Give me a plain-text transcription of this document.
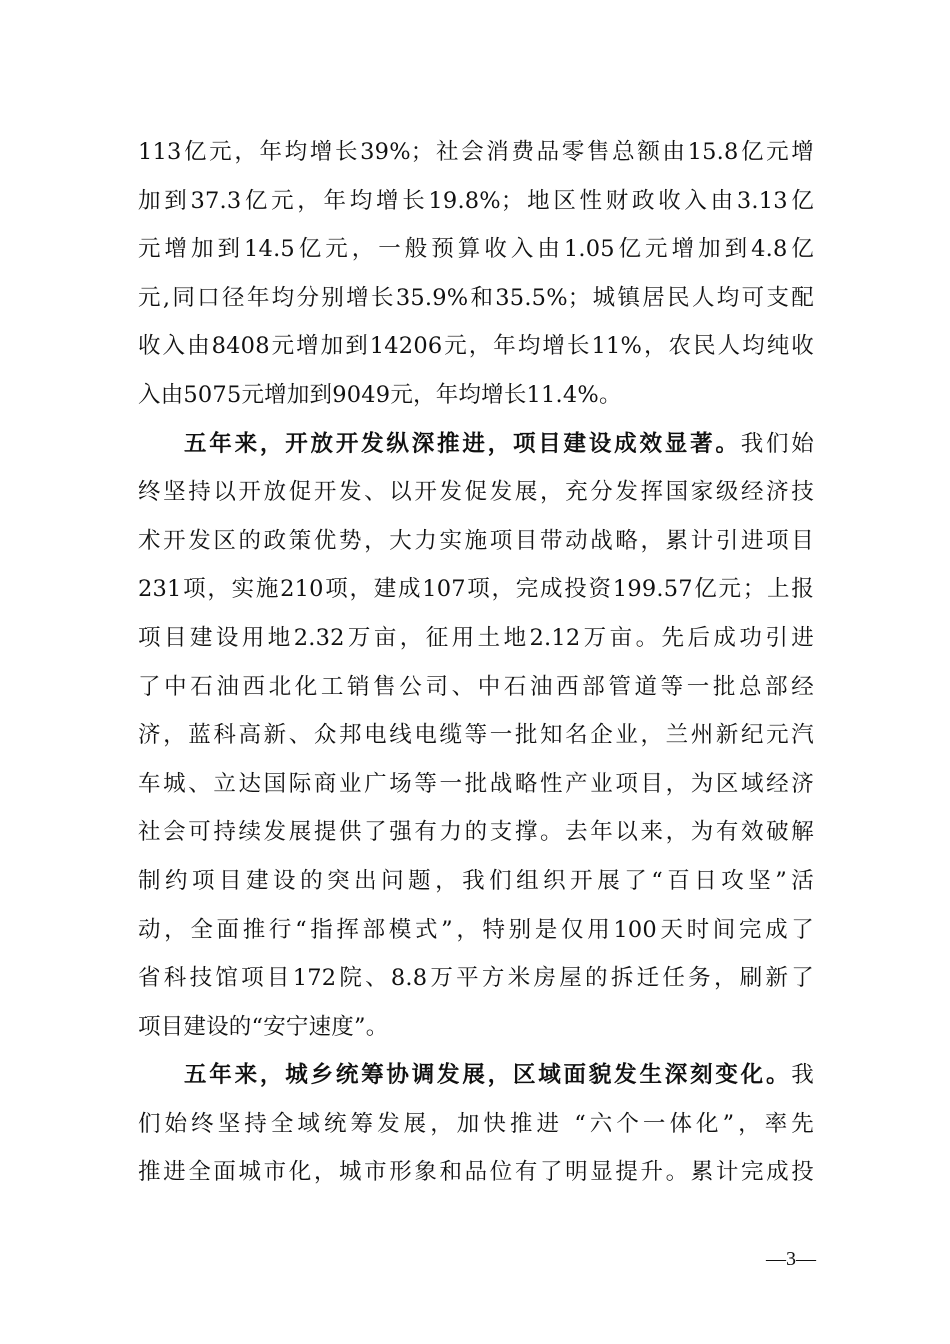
113亿元，年均增长39%；社会消费品零售总额由15.8亿元增
加到37.3亿元，年均增长19.8%；地区性财政收入由3.13亿
元增加到14.5亿元，一般预算收入由1.05亿元增加到4.8亿
元,同口径年均分别增长35.9%和35.5%；城镇居民人均可支配
收入由8408元增加到14206元，年均增长11%，农民人均纯收
入由5075元增加到9049元，年均增长11.4%。
五年来，开放开发纵深推进，项目建设成效显著。我们始
终坚持以开放促开发、以开发促发展，充分发挥国家级经济技
术开发区的政策优势，大力实施项目带动战略，累计引进项目
231项，实施210项，建成107项，完成投资199.57亿元；上报
项目建设用地2.32万亩，征用土地2.12万亩。先后成功引进
了中石油西北化工销售公司、中石油西部管道等一批总部经
济，蓝科高新、众邦电线电缆等一批知名企业，兰州新纪元汽
车城、立达国际商业广场等一批战略性产业项目，为区域经济
社会可持续发展提供了强有力的支撑。去年以来，为有效破解
制约项目建设的突出问题，我们组织开展了“百日攻坚”活
动，全面推行“指挥部模式”，特别是仅用100天时间完成了
省科技馆项目172院、8.8万平方米房屋的拆迁任务，刷新了
项目建设的“安宁速度”。
五年来，城乡统筹协调发展，区域面貌发生深刻变化。我
们始终坚持全域统筹发展，加快推进 “六个一体化”，率先
推进全面城市化，城市形象和品位有了明显提升。累计完成投
—3—
